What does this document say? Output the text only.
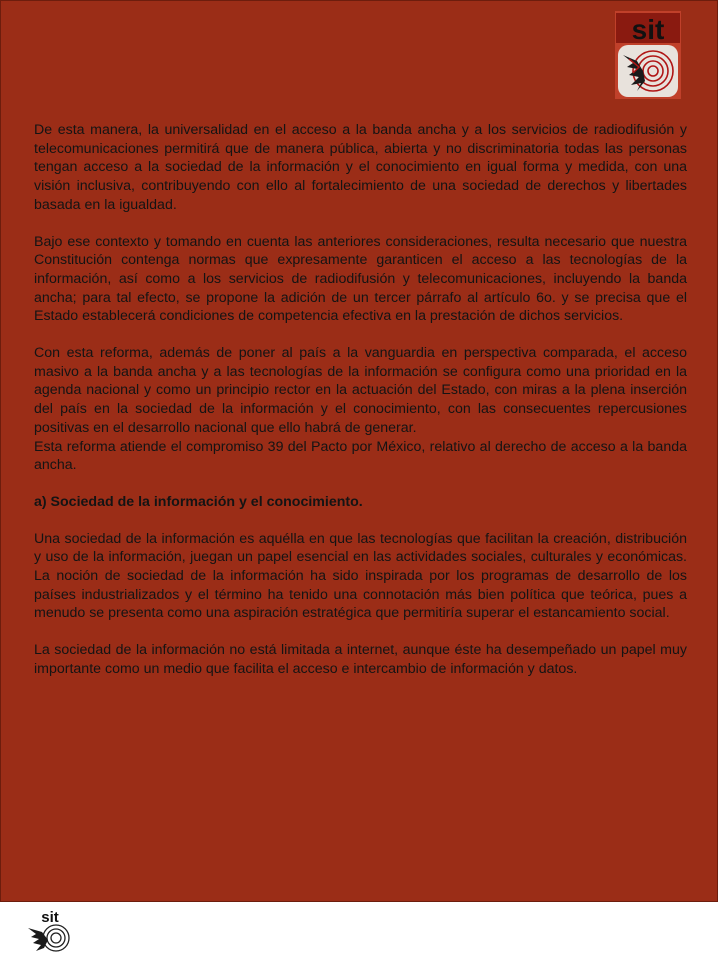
sit

De esta manera, la universalidad en el acceso a la banda ancha y a los servicios de radiodifusión y telecomunicaciones permitirá que de manera pública, abierta y no discriminatoria todas las personas tengan acceso a la sociedad de la información y el conocimiento en igual forma y medida, con una visión inclusiva, contribuyendo con ello al fortalecimiento de una sociedad de derechos y libertades basada en la igualdad.

Bajo ese contexto y tomando en cuenta las anteriores consideraciones, resulta necesario que nuestra Constitución contenga normas que expresamente garanticen el acceso a las tecnologías de la información, así como a los servicios de radiodifusión y telecomunicaciones, incluyendo la banda ancha; para tal efecto, se propone la adición de un tercer párrafo al artículo 6o. y se precisa que el Estado establecerá condiciones de competencia efectiva en la prestación de dichos servicios.

Con esta reforma, además de poner al país a la vanguardia en perspectiva comparada, el acceso masivo a la banda ancha y a las tecnologías de la información se configura como una prioridad en la agenda nacional y como un principio rector en la actuación del Estado, con miras a la plena inserción del país en la sociedad de la información y el conocimiento, con las consecuentes repercusiones positivas en el desarrollo nacional que ello habrá de generar.

Esta reforma atiende el compromiso 39 del Pacto por México, relativo al derecho de acceso a la banda ancha.

a) Sociedad de la información y el conocimiento.

Una sociedad de la información es aquélla en que las tecnologías que facilitan la creación, distribución y uso de la información, juegan un papel esencial en las actividades sociales, culturales y económicas. La noción de sociedad de la información ha sido inspirada por los programas de desarrollo de los países industrializados y el término ha tenido una connotación más bien política que teórica, pues a menudo se presenta como una aspiración estratégica que permitiría superar el estancamiento social.

La sociedad de la información no está limitada a internet, aunque éste ha desempeñado un papel muy importante como un medio que facilita el acceso e intercambio de información y datos.

sit
